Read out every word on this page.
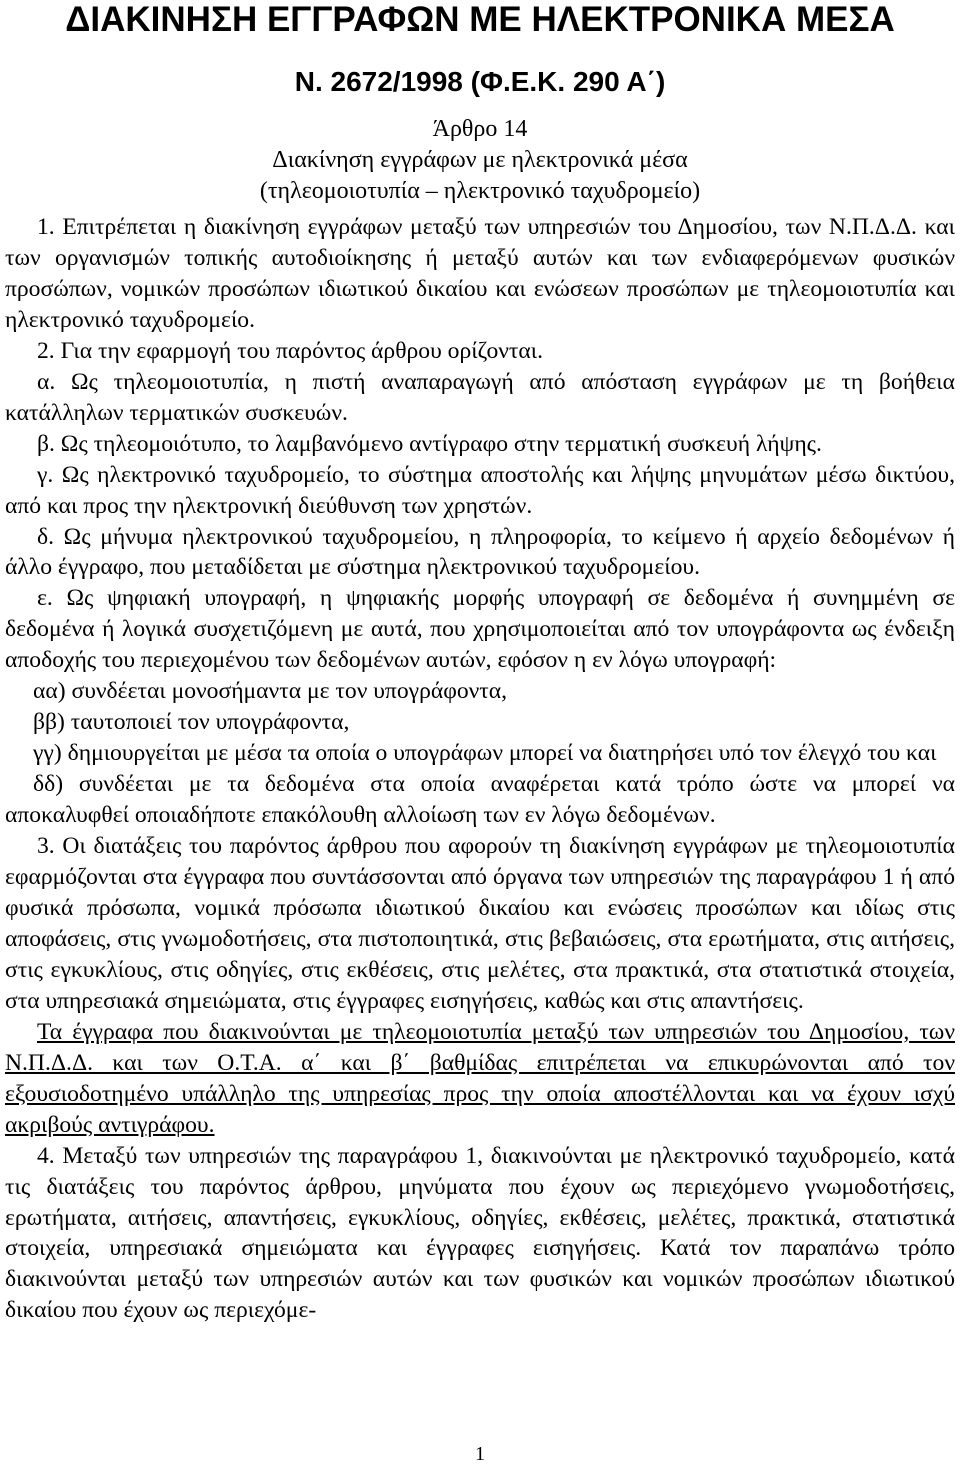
ΔΙΑΚΙΝΗΣΗ ΕΓΓΡΑΦΩΝ ΜΕ ΗΛΕΚΤΡΟΝΙΚΑ ΜΕΣΑ
Ν. 2672/1998 (Φ.Ε.Κ. 290 Α΄)
Άρθρο 14
Διακίνηση εγγράφων με ηλεκτρονικά μέσα
(τηλεομοιοτυπία – ηλεκτρονικό ταχυδρομείο)

1. Επιτρέπεται η διακίνηση εγγράφων μεταξύ των υπηρεσιών του Δημοσίου, των Ν.Π.Δ.Δ. και των οργανισμών τοπικής αυτοδιοίκησης ή μεταξύ αυτών και των ενδιαφερόμενων φυσικών προσώπων, νομικών προσώπων ιδιωτικού δικαίου και ενώσεων προσώπων με τηλεομοιοτυπία και ηλεκτρονικό ταχυδρομείο.

2. Για την εφαρμογή του παρόντος άρθρου ορίζονται.

α. Ως τηλεομοιοτυπία, η πιστή αναπαραγωγή από απόσταση εγγράφων με τη βοήθεια κατάλληλων τερματικών συσκευών.

β. Ως τηλεομοιότυπο, το λαμβανόμενο αντίγραφο στην τερματική συσκευή λήψης.

γ. Ως ηλεκτρονικό ταχυδρομείο, το σύστημα αποστολής και λήψης μηνυμάτων μέσω δικτύου, από και προς την ηλεκτρονική διεύθυνση των χρηστών.

δ. Ως μήνυμα ηλεκτρονικού ταχυδρομείου, η πληροφορία, το κείμενο ή αρχείο δεδομένων ή άλλο έγγραφο, που μεταδίδεται με σύστημα ηλεκτρονικού ταχυδρομείου.

ε. Ως ψηφιακή υπογραφή, η ψηφιακής μορφής υπογραφή σε δεδομένα ή συνημμένη σε δεδομένα ή λογικά συσχετιζόμενη με αυτά, που χρησιμοποιείται από τον υπογράφοντα ως ένδειξη αποδοχής του περιεχομένου των δεδομένων αυτών, εφόσον η εν λόγω υπογραφή:

αα) συνδέεται μονοσήμαντα με τον υπογράφοντα,

ββ) ταυτοποιεί τον υπογράφοντα,

γγ) δημιουργείται με μέσα τα οποία ο υπογράφων μπορεί να διατηρήσει υπό τον έλεγχό του και

δδ) συνδέεται με τα δεδομένα στα οποία αναφέρεται κατά τρόπο ώστε να μπορεί να αποκαλυφθεί οποιαδήποτε επακόλουθη αλλοίωση των εν λόγω δεδομένων.

3. Οι διατάξεις του παρόντος άρθρου που αφορούν τη διακίνηση εγγράφων με τηλεομοιοτυπία εφαρμόζονται στα έγγραφα που συντάσσονται από όργανα των υπηρεσιών της παραγράφου 1 ή από φυσικά πρόσωπα, νομικά πρόσωπα ιδιωτικού δικαίου και ενώσεις προσώπων και ιδίως στις αποφάσεις, στις γνωμοδοτήσεις, στα πιστοποιητικά, στις βεβαιώσεις, στα ερωτήματα, στις αιτήσεις, στις εγκυκλίους, στις οδηγίες, στις εκθέσεις, στις μελέτες, στα πρακτικά, στα στατιστικά στοιχεία, στα υπηρεσιακά σημειώματα, στις έγγραφες εισηγήσεις, καθώς και στις απαντήσεις.

Τα έγγραφα που διακινούνται με τηλεομοιοτυπία μεταξύ των υπηρεσιών του Δημοσίου, των Ν.Π.Δ.Δ. και των Ο.Τ.Α. α΄ και β΄ βαθμίδας επιτρέπεται να επικυρώνονται από τον εξουσιοδοτημένο υπάλληλο της υπηρεσίας προς την οποία αποστέλλονται και να έχουν ισχύ ακριβούς αντιγράφου.

4. Μεταξύ των υπηρεσιών της παραγράφου 1, διακινούνται με ηλεκτρονικό ταχυδρομείο, κατά τις διατάξεις του παρόντος άρθρου, μηνύματα που έχουν ως περιεχόμενο γνωμοδοτήσεις, ερωτήματα, αιτήσεις, απαντήσεις, εγκυκλίους, οδηγίες, εκθέσεις, μελέτες, πρακτικά, στατιστικά στοιχεία, υπηρεσιακά σημειώματα και έγγραφες εισηγήσεις. Κατά τον παραπάνω τρόπο διακινούνται μεταξύ των υπηρεσιών αυτών και των φυσικών και νομικών προσώπων ιδιωτικού δικαίου που έχουν ως περιεχόμε-

1
